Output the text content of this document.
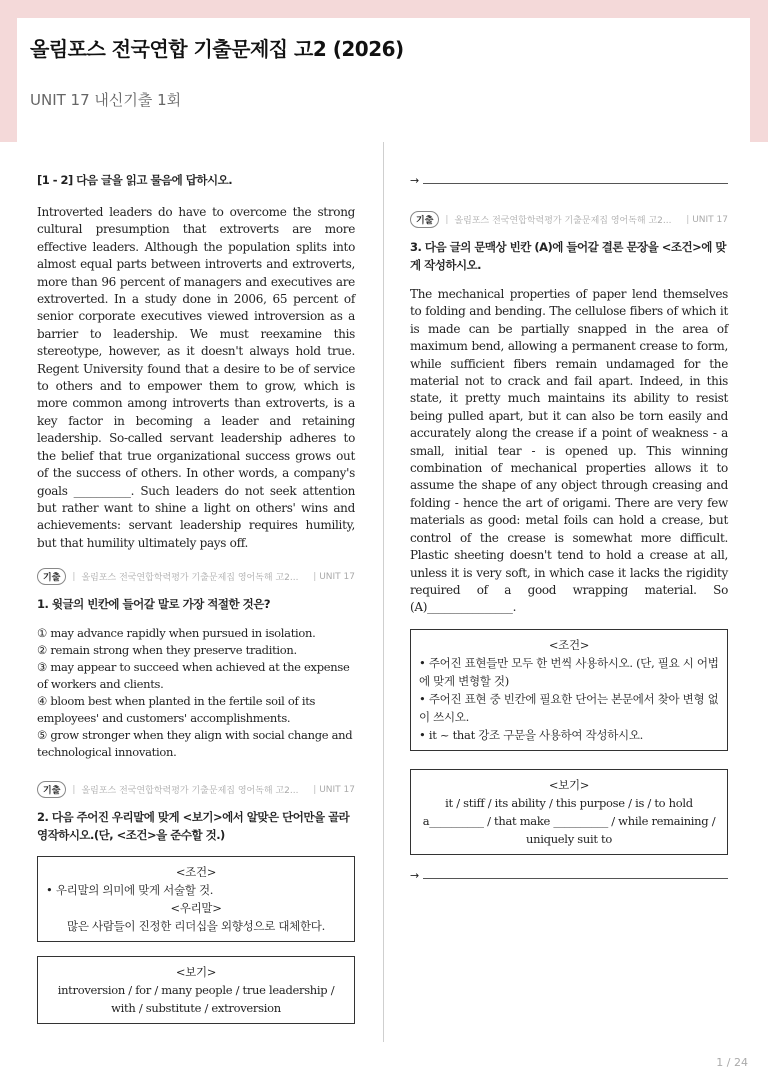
올림포스 전국연합 기출문제집 고2 (2026)
UNIT 17 내신기출 1회

[1 - 2] 다음 글을 읽고 물음에 답하시오.

Introverted leaders do have to overcome the strong cultural presumption that extroverts are more effective leaders. Although the population splits into almost equal parts between introverts and extroverts, more than 96 percent of managers and executives are extroverted. In a study done in 2006, 65 percent of senior corporate executives viewed introversion as a barrier to leadership. We must reexamine this stereotype, however, as it doesn't always hold true. Regent University found that a desire to be of service to others and to empower them to grow, which is more common among introverts than extroverts, is a key factor in becoming a leader and retaining leadership. So-called servant leadership adheres to the belief that true organizational success grows out of the success of others. In other words, a company's goals __________. Such leaders do not seek attention but rather want to shine a light on others' wins and achievements: servant leadership requires humility, but that humility ultimately pays off.

기출	| 올림포스 전국연합학력평가 기출문제집 영어독해 고2... | UNIT 17
1. 윗글의 빈칸에 들어갈 말로 가장 적절한 것은?

① may advance rapidly when pursued in isolation.

② remain strong when they preserve tradition.

③ may appear to succeed when achieved at the expense of workers and clients.

④ bloom best when planted in the fertile soil of its employees' and customers' accomplishments.

⑤ grow stronger when they align with social change and technological innovation.

기출	| 올림포스 전국연합학력평가 기출문제집 영어독해 고2... | UNIT 17
2. 다음 주어진 우리말에 맞게 <보기>에서 알맞은 단어만을 골라 영작하시오.(단, <조건>을 준수할 것.)
<조건>
• 우리말의 의미에 맞게 서술할 것.
<우리말>
많은 사람들이 진정한 리더십을 외향성으로 대체한다.
<보기>
introversion / for / many people / true leadership / with / substitute / extroversion
→
기출	| 올림포스 전국연합학력평가 기출문제집 영어독해 고2... | UNIT 17
3. 다음 글의 문맥상 빈칸 (A)에 들어갈 결론 문장을 <조건>에 맞게 작성하시오.

The mechanical properties of paper lend themselves to folding and bending. The cellulose fibers of which it is made can be partially snapped in the area of maximum bend, allowing a permanent crease to form, while sufficient fibers remain undamaged for the material not to crack and fail apart. Indeed, in this state, it pretty much maintains its ability to resist being pulled apart, but it can also be torn easily and accurately along the crease if a point of weakness - a small, initial tear - is opened up. This winning combination of mechanical properties allows it to assume the shape of any object through creasing and folding - hence the art of origami. There are very few materials as good: metal foils can hold a crease, but control of the crease is somewhat more difficult. Plastic sheeting doesn't tend to hold a crease at all, unless it is very soft, in which case it lacks the rigidity required of a good wrapping material. So (A)_______________.

<조건>
• 주어진 표현들만 모두 한 번씩 사용하시오. (단, 필요 시 어법에 맞게 변형할 것)
• 주어진 표현 중 빈칸에 필요한 단어는 본문에서 찾아 변형 없이 쓰시오.
• it ~ that 강조 구문을 사용하여 작성하시오.
<보기>
it / stiff / its ability / this purpose / is / to hold a__________ / that make __________ / while remaining / uniquely suit to
→
1 / 24
